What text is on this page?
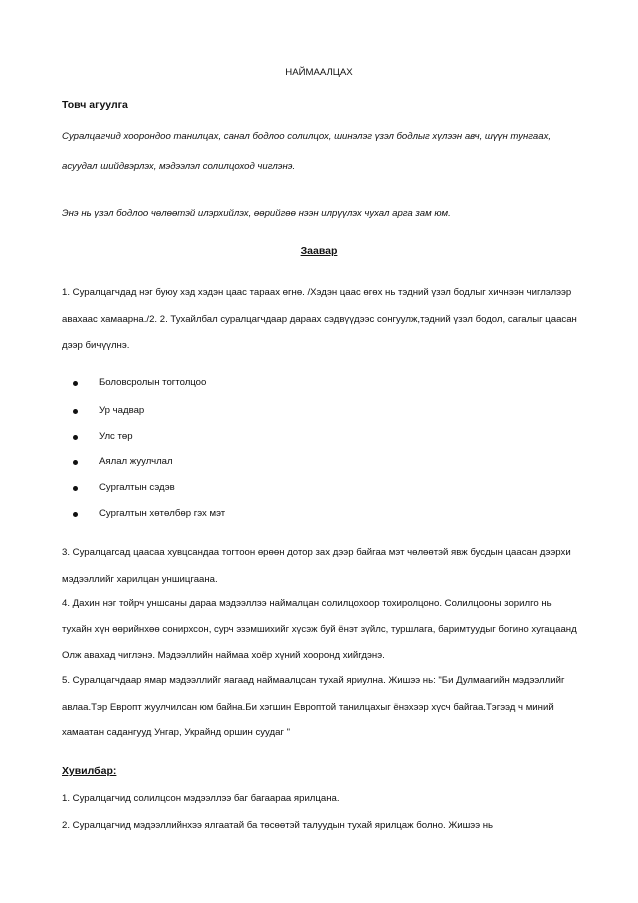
НАЙМААЛЦАХ
Товч агуулга
Суралцагчид хоорондоо танилцах, санал бодлоо солилцох, шинэлэг үзэл бодлыг хүлээн авч, шүүн тунгаах,
асуудал шийдвэрлэх, мэдээлэл солилцоход чиглэнэ.
Энэ нь үзэл бодлоо чөлөөтэй илэрхийлэх, өөрийгөө нээн илрүүлэх чухал арга зам юм.
Заавар
1. Суралцагчдад нэг буюу хэд хэдэн цаас тараах өгнө. /Хэдэн цаас өгөх нь тэдний үзэл бодлыг хичнээн чиглэлээр
авахаас хамаарна./2. 2. Тухайлбал суралцагчдаар дараах сэдвүүдээс сонгуулж,тэдний үзэл бодол, сагалыг цаасан
дээр бичүүлнэ.
Боловсролын тогтолцоо
Ур чадвар
Улс төр
Аялал жуулчлал
Сургалтын сэдэв
Сургалтын хөтөлбөр гэх мэт
3. Суралцагсад цаасаа хувцсандаа тогтоон өрөөн дотор зах дээр байгаа мэт чөлөөтэй явж бусдын цаасан дээрхи
мэдээллийг харилцан уншицгаана.
4. Дахин нэг тойрч уншсаны дараа мэдээллээ наймалцан солилцохоор тохиролцоно. Солилцооны зорилго нь
тухайн хүн өөрийнхөө сонирхсон, сурч эзэмшихийг хүсэж буй ёнэт зүйлс, туршлага, баримтуудыг богино хугацаанд
Олж авахад чиглэнэ. Мэдээллийн наймаа хоёр хүний хооронд хийгдэнэ.
5. Суралцагчдаар ямар мэдээллийг яагаад наймаалцсан тухай яриулна. Жишээ нь: "Би Дулмаагийн мэдээллийг
авлаа.Тэр Европт жуулчилсан юм байна.Би хэгшин Европтой танилцахыг ёнэхээр хүсч байгаа.Тэгээд ч миний
хамаатан садангууд Унгар, Украйнд оршин суудаг "
Хувилбар:
1. Суралцагчид солилцсон мэдээллээ баг багаараа ярилцана.
2. Суралцагчид мэдээллийнхээ ялгаатай ба төсөөтэй талуудын тухай ярилцаж болно. Жишээ нь
